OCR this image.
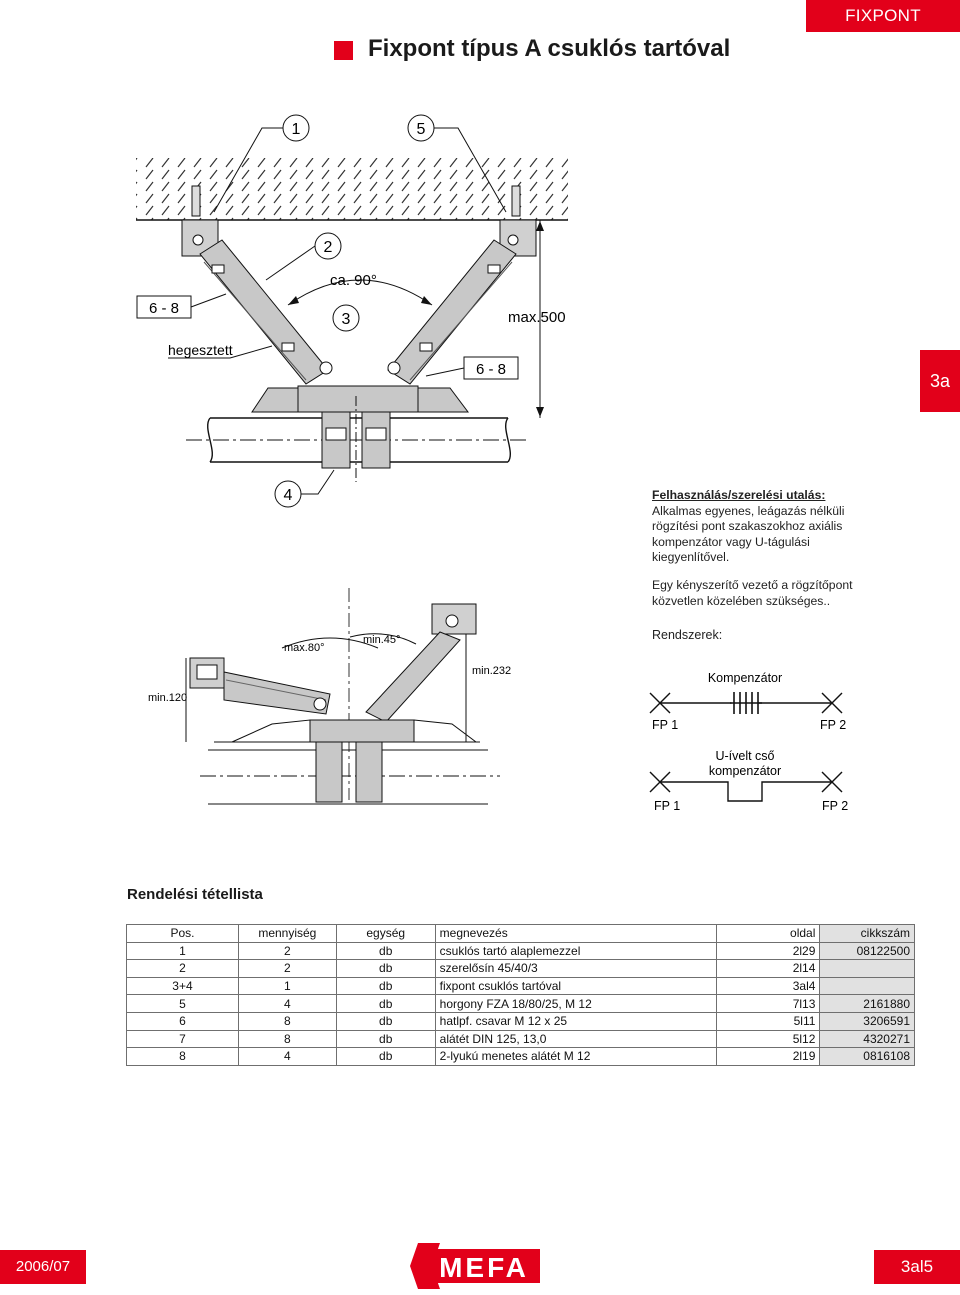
FIXPONT
Fixpont típus A csuklós tartóval
3a
1	5
2
3
4
ca. 90°
6 - 8
6 - 8
max.500
hegesztett
Felhasználás/szerelési utalás:
Alkalmas egyenes, leágazás nélküli
rögzítési pont szakaszokhoz axiális
kompenzátor vagy U-tágulási
kiegyenlítővel.
Egy kényszerítő vezető a rögzítőpont
közvetlen közelében szükséges..
Rendszerek:
max.80°
min.45°
min.232
min.120
Kompenzátor
FP 1	FP 2
U-ívelt cső
kompenzátor
FP 1	FP 2
Rendelési tétellista
Pos.	mennyiség	egység	megnevezés	oldal	cikkszám
1	2	db	csuklós tartó alaplemezzel	2l29	08122500
2	2	db	szerelősín 45/40/3	2l14	
3+4	1	db	fixpont csuklós tartóval	3al4	
5	4	db	horgony FZA 18/80/25, M 12	7l13	2161880
6	8	db	hatlpf. csavar M 12 x 25	5l11	3206591
7	8	db	alátét DIN 125, 13,0	5l12	4320271
8	4	db	2-lyukú menetes alátét M 12	2l19	0816108
2006/07	MEFA	3al5
